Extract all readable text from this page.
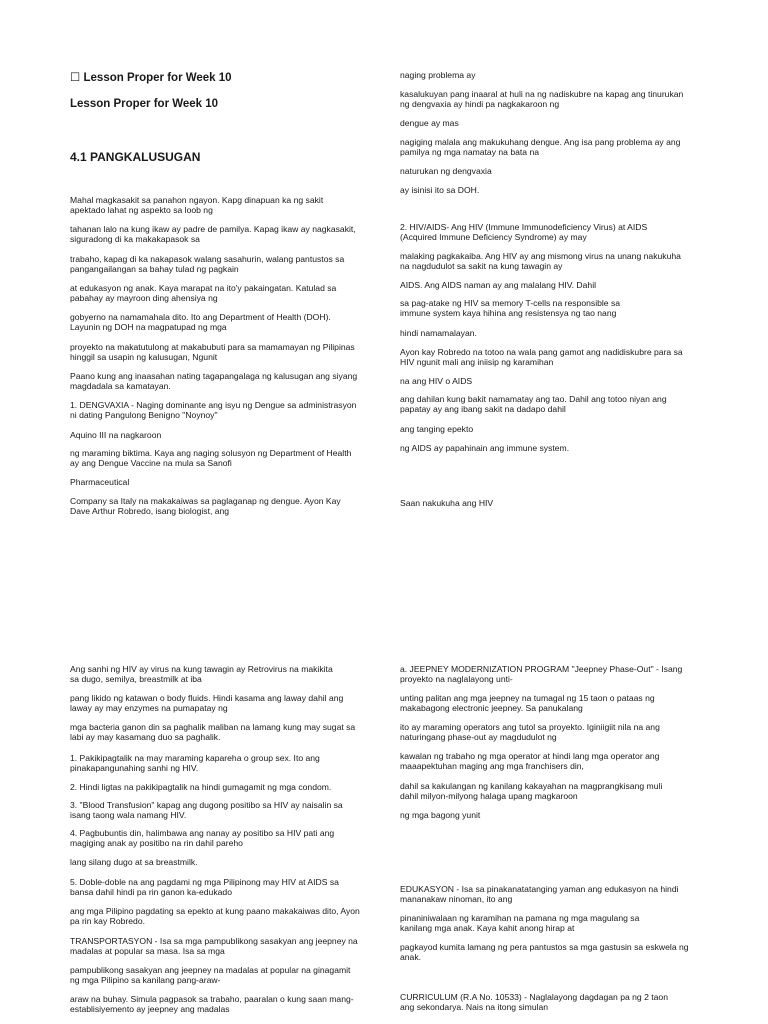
☐ Lesson Proper for Week 10

Lesson Proper for Week 10

4.1 PANGKALUSUGAN

Mahal magkasakit sa panahon ngayon. Kapg dinapuan ka ng sakit
apektado lahat ng aspekto sa loob ng

tahanan lalo na kung ikaw ay padre de pamilya. Kapag ikaw ay nagkasakit,
siguradong di ka makakapasok sa

trabaho, kapag di ka nakapasok walang sasahurin, walang pantustos sa
pangangailangan sa bahay tulad ng pagkain

at edukasyon ng anak. Kaya marapat na ito'y pakaingatan. Katulad sa
pabahay ay mayroon ding ahensiya ng

gobyerno na namamahala dito. Ito ang Department of Health (DOH).
Layunin ng DOH na magpatupad ng mga

proyekto na makatutulong at makabubuti para sa mamamayan ng Pilipinas
hinggil sa usapin ng kalusugan, Ngunit

Paano kung ang inaasahan nating tagapangalaga ng kalusugan ang siyang
magdadala sa kamatayan.

1. DENGVAXIA - Naging dominante ang isyu ng Dengue sa administrasyon
ni dating Pangulong Benigno "Noynoy"

Aquino III na nagkaroon

ng maraming biktima. Kaya ang naging solusyon ng Department of Health
ay ang Dengue Vaccine na mula sa Sanofi

Pharmaceutical

Company sa Italy na makakaiwas sa paglaganap ng dengue. Ayon Kay
Dave Arthur Robredo, isang biologist, ang

Ang sanhi ng HIV ay virus na kung tawagin ay Retrovirus na makikita
sa dugo, semilya, breastmilk at iba

pang likido ng katawan o body fluids. Hindi kasama ang laway dahil ang
laway ay may enzymes na pumapatay ng

mga bacteria ganon din sa paghalik maliban na lamang kung may sugat sa
labi ay may kasamang duo sa paghalik.

1. Pakikipagtalik na may maraming kapareha o group sex. Ito ang
pinakapangunahing sanhi ng HIV.

2. Hindi ligtas na pakikipagtalik na hindi gumagamit ng mga condom.

3. "Blood Transfusion" kapag ang dugong positibo sa HIV ay naisalin sa
isang taong wala namang HIV.

4. Pagbubuntis din, halimbawa ang nanay ay positibo sa HIV pati ang
magiging anak ay positibo na rin dahil pareho

lang silang dugo at sa breastmilk.

5. Doble-doble na ang pagdami ng mga Pilipinong may HIV at AIDS sa
bansa dahil hindi pa rin ganon ka-edukado

ang mga Pilipino pagdating sa epekto at kung paano makakaiwas dito, Ayon
pa rin kay Robredo.

TRANSPORTASYON - Isa sa mga pampublikong sasakyan ang jeepney na
madalas at popular sa masa. Isa sa mga

pampublikong sasakyan ang jeepney na madalas at popular na ginagamit
ng mga Pilipino sa kanilang pang-araw-

araw na buhay. Simula pagpasok sa trabaho, paaralan o kung saan mang-
establisiyemento ay jeepney ang madalas

naging problema ay

kasalukuyan pang inaaral at huli na ng nadiskubre na kapag ang tinurukan
ng dengvaxia ay hindi pa nagkakaroon ng

dengue ay mas

nagiging malala ang makukuhang dengue. Ang isa pang problema ay ang
pamilya ng mga namatay na bata na

naturukan ng dengvaxia

ay isinisi ito sa DOH.

2. HIV/AIDS- Ang HIV (Immune Immunodeficiency Virus) at AIDS
(Acquired Immune Deficiency Syndrome) ay may

malaking pagkakaiba. Ang HIV ay ang mismong virus na unang nakukuha
na nagdudulot sa sakit na kung tawagin ay

AIDS. Ang AIDS naman ay ang malalang HIV. Dahil

sa pag-atake ng HIV sa memory T-cells na responsible sa
immune system kaya hihina ang resistensya ng tao nang

hindi namamalayan.

Ayon kay Robredo na totoo na wala pang gamot ang nadidiskubre para sa
HIV ngunit mali ang iniisip ng karamihan

na ang HIV o AIDS

ang dahilan kung bakit namamatay ang tao. Dahil ang totoo niyan ang
papatay ay ang ibang sakit na dadapo dahil

ang tanging epekto

ng AIDS ay papahinain ang immune system.

Saan nakukuha ang HIV

a. JEEPNEY MODERNIZATION PROGRAM "Jeepney Phase-Out" - Isang
proyekto na naglalayong unti-

unting palitan ang mga jeepney na tumagal ng 15 taon o pataas ng
makabagong electronic jeepney. Sa panukalang

ito ay maraming operators ang tutol sa proyekto. Iginiigiit nila na ang
naturingang phase-out ay magdudulot ng

kawalan ng trabaho ng mga operator at hindi lang mga operator ang
maaapektuhan maging ang mga franchisers din,

dahil sa kakulangan ng kanilang kakayahan na magprangkisang muli
dahil milyon-milyong halaga upang magkaroon

ng mga bagong yunit

EDUKASYON - Isa sa pinakanatatanging yaman ang edukasyon na hindi
mananakaw ninoman, ito ang

pinaniniwalaan ng karamihan na pamana ng mga magulang sa
kanilang mga anak. Kaya kahit anong hirap at

pagkayod kumita lamang ng pera pantustos sa mga gastusin sa eskwela ng
anak.

CURRICULUM (R.A No. 10533) - Naglalayong dagdagan pa ng 2 taon
ang sekondarya. Nais na itong simulan
